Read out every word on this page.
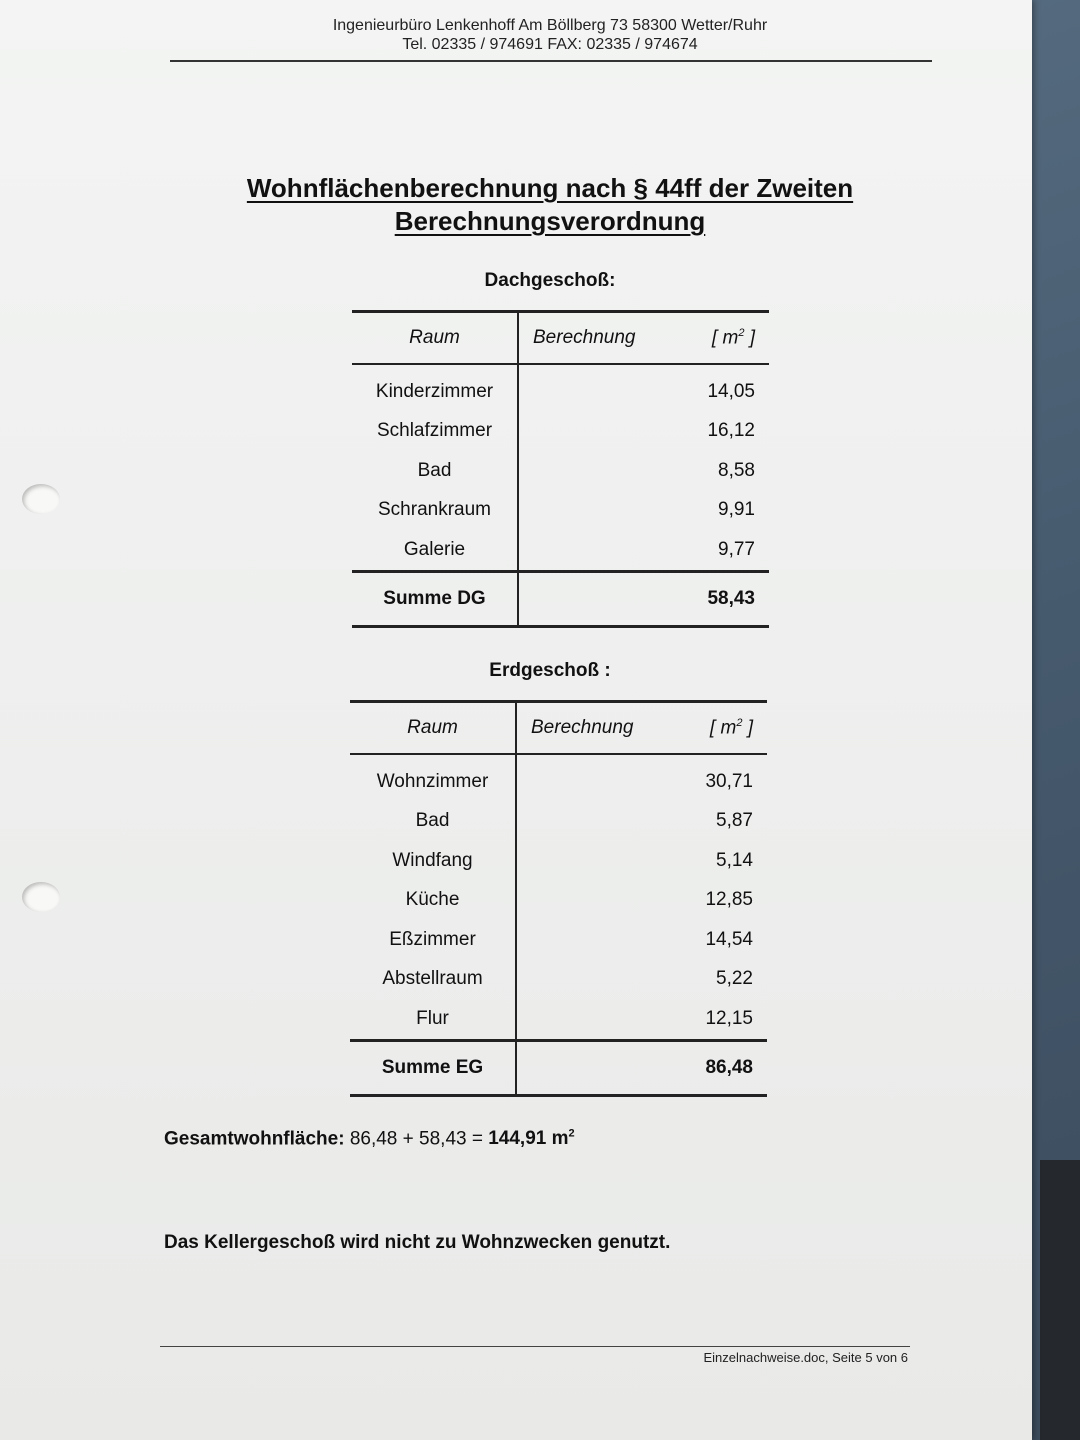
Ingenieurbüro Lenkenhoff Am Böllberg 73 58300 Wetter/Ruhr
Tel. 02335 / 974691 FAX: 02335 / 974674
Wohnflächenberechnung nach § 44ff der Zweiten
Berechnungsverordnung
Dachgeschoß:
Raum	Berechnung	[ $m^2$ ]
Kinderzimmer		14,05
Schlafzimmer		16,12
Bad		8,58
Schrankraum		9,91
Galerie		9,77
Summe DG		58,43
Erdgeschoß :
Raum	Berechnung	[ $m^2$ ]
Wohnzimmer		30,71
Bad		5,87
Windfang		5,14
Küche		12,85
Eßzimmer		14,54
Abstellraum		5,22
Flur		12,15
Summe EG		86,48
Gesamtwohnfläche: 86,48 + 58,43 = 144,91 $m^2$
Das Kellergeschoß wird nicht zu Wohnzwecken genutzt.
Einzelnachweise.doc, Seite 5 von 6
